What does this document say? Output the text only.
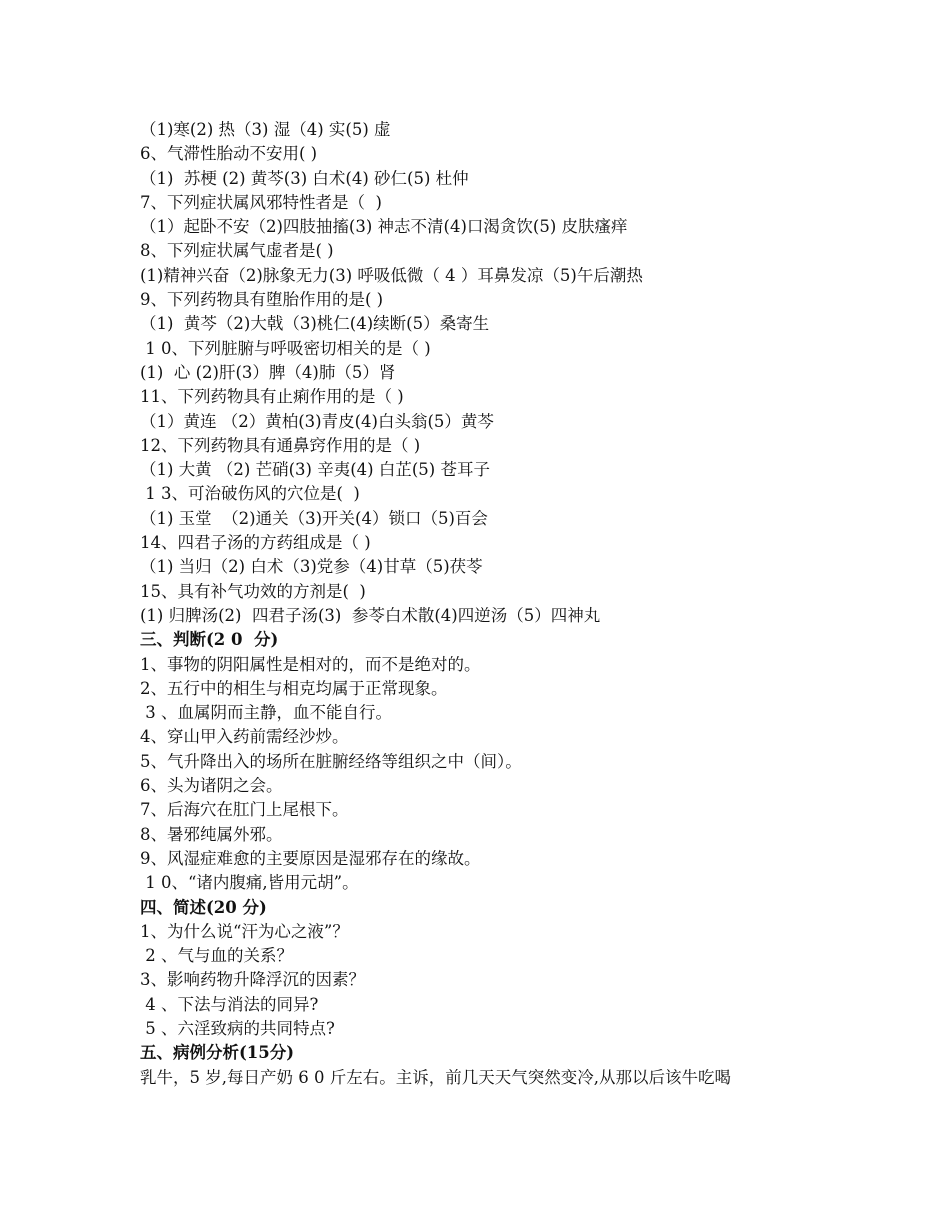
（1)寒(2) 热（3) 湿（4) 实(5) 虚
6、气滞性胎动不安用( )
（1)  苏梗 (2) 黄芩(3) 白术(4) 砂仁(5) 杜仲
7、下列症状属风邪特性者是（  )
（1）起卧不安（2)四肢抽搐(3) 神志不清(4)口渴贪饮(5) 皮肤瘙痒
8、下列症状属气虚者是( )
(1)精神兴奋（2)脉象无力(3) 呼吸低微（ 4 ）耳鼻发凉（5)午后潮热
9、下列药物具有堕胎作用的是( )
（1)  黄芩（2)大戟（3)桃仁(4)续断(5）桑寄生
1 0、下列脏腑与呼吸密切相关的是（ )
(1)  心 (2)肝(3）脾（4)肺（5）肾
11、下列药物具有止痢作用的是（ )
（1）黄连 （2）黄柏(3)青皮(4)白头翁(5）黄芩
12、下列药物具有通鼻窍作用的是（ )
（1) 大黄 （2) 芒硝(3) 辛夷(4) 白芷(5) 苍耳子
1 3、可治破伤风的穴位是(  )
（1) 玉堂  （2)通关（3)开关(4）锁口（5)百会
14、四君子汤的方药组成是（ )
（1) 当归（2) 白术（3)党参（4)甘草（5)茯苓
15、具有补气功效的方剂是(  )
(1) 归脾汤(2)  四君子汤(3)  参苓白术散(4)四逆汤（5）四神丸
三、判断(2 0  分)
1、事物的阴阳属性是相对的，而不是绝对的。
2、五行中的相生与相克均属于正常现象。
3 、血属阴而主静，血不能自行。
4、穿山甲入药前需经沙炒。
5、气升降出入的场所在脏腑经络等组织之中（间）。
6、头为诸阴之会。
7、后海穴在肛门上尾根下。
8、暑邪纯属外邪。
9、风湿症难愈的主要原因是湿邪存在的缘故。
1 0、“诸内腹痛,皆用元胡”。
四、简述(20 分)
1、为什么说“汗为心之液”？
2 、气与血的关系？
3、影响药物升降浮沉的因素？
4 、下法与消法的同异?
5 、六淫致病的共同特点?
五、病例分析(15分)
乳牛，5 岁,每日产奶 6 0 斤左右。主诉，前几天天气突然变冷,从那以后该牛吃喝
